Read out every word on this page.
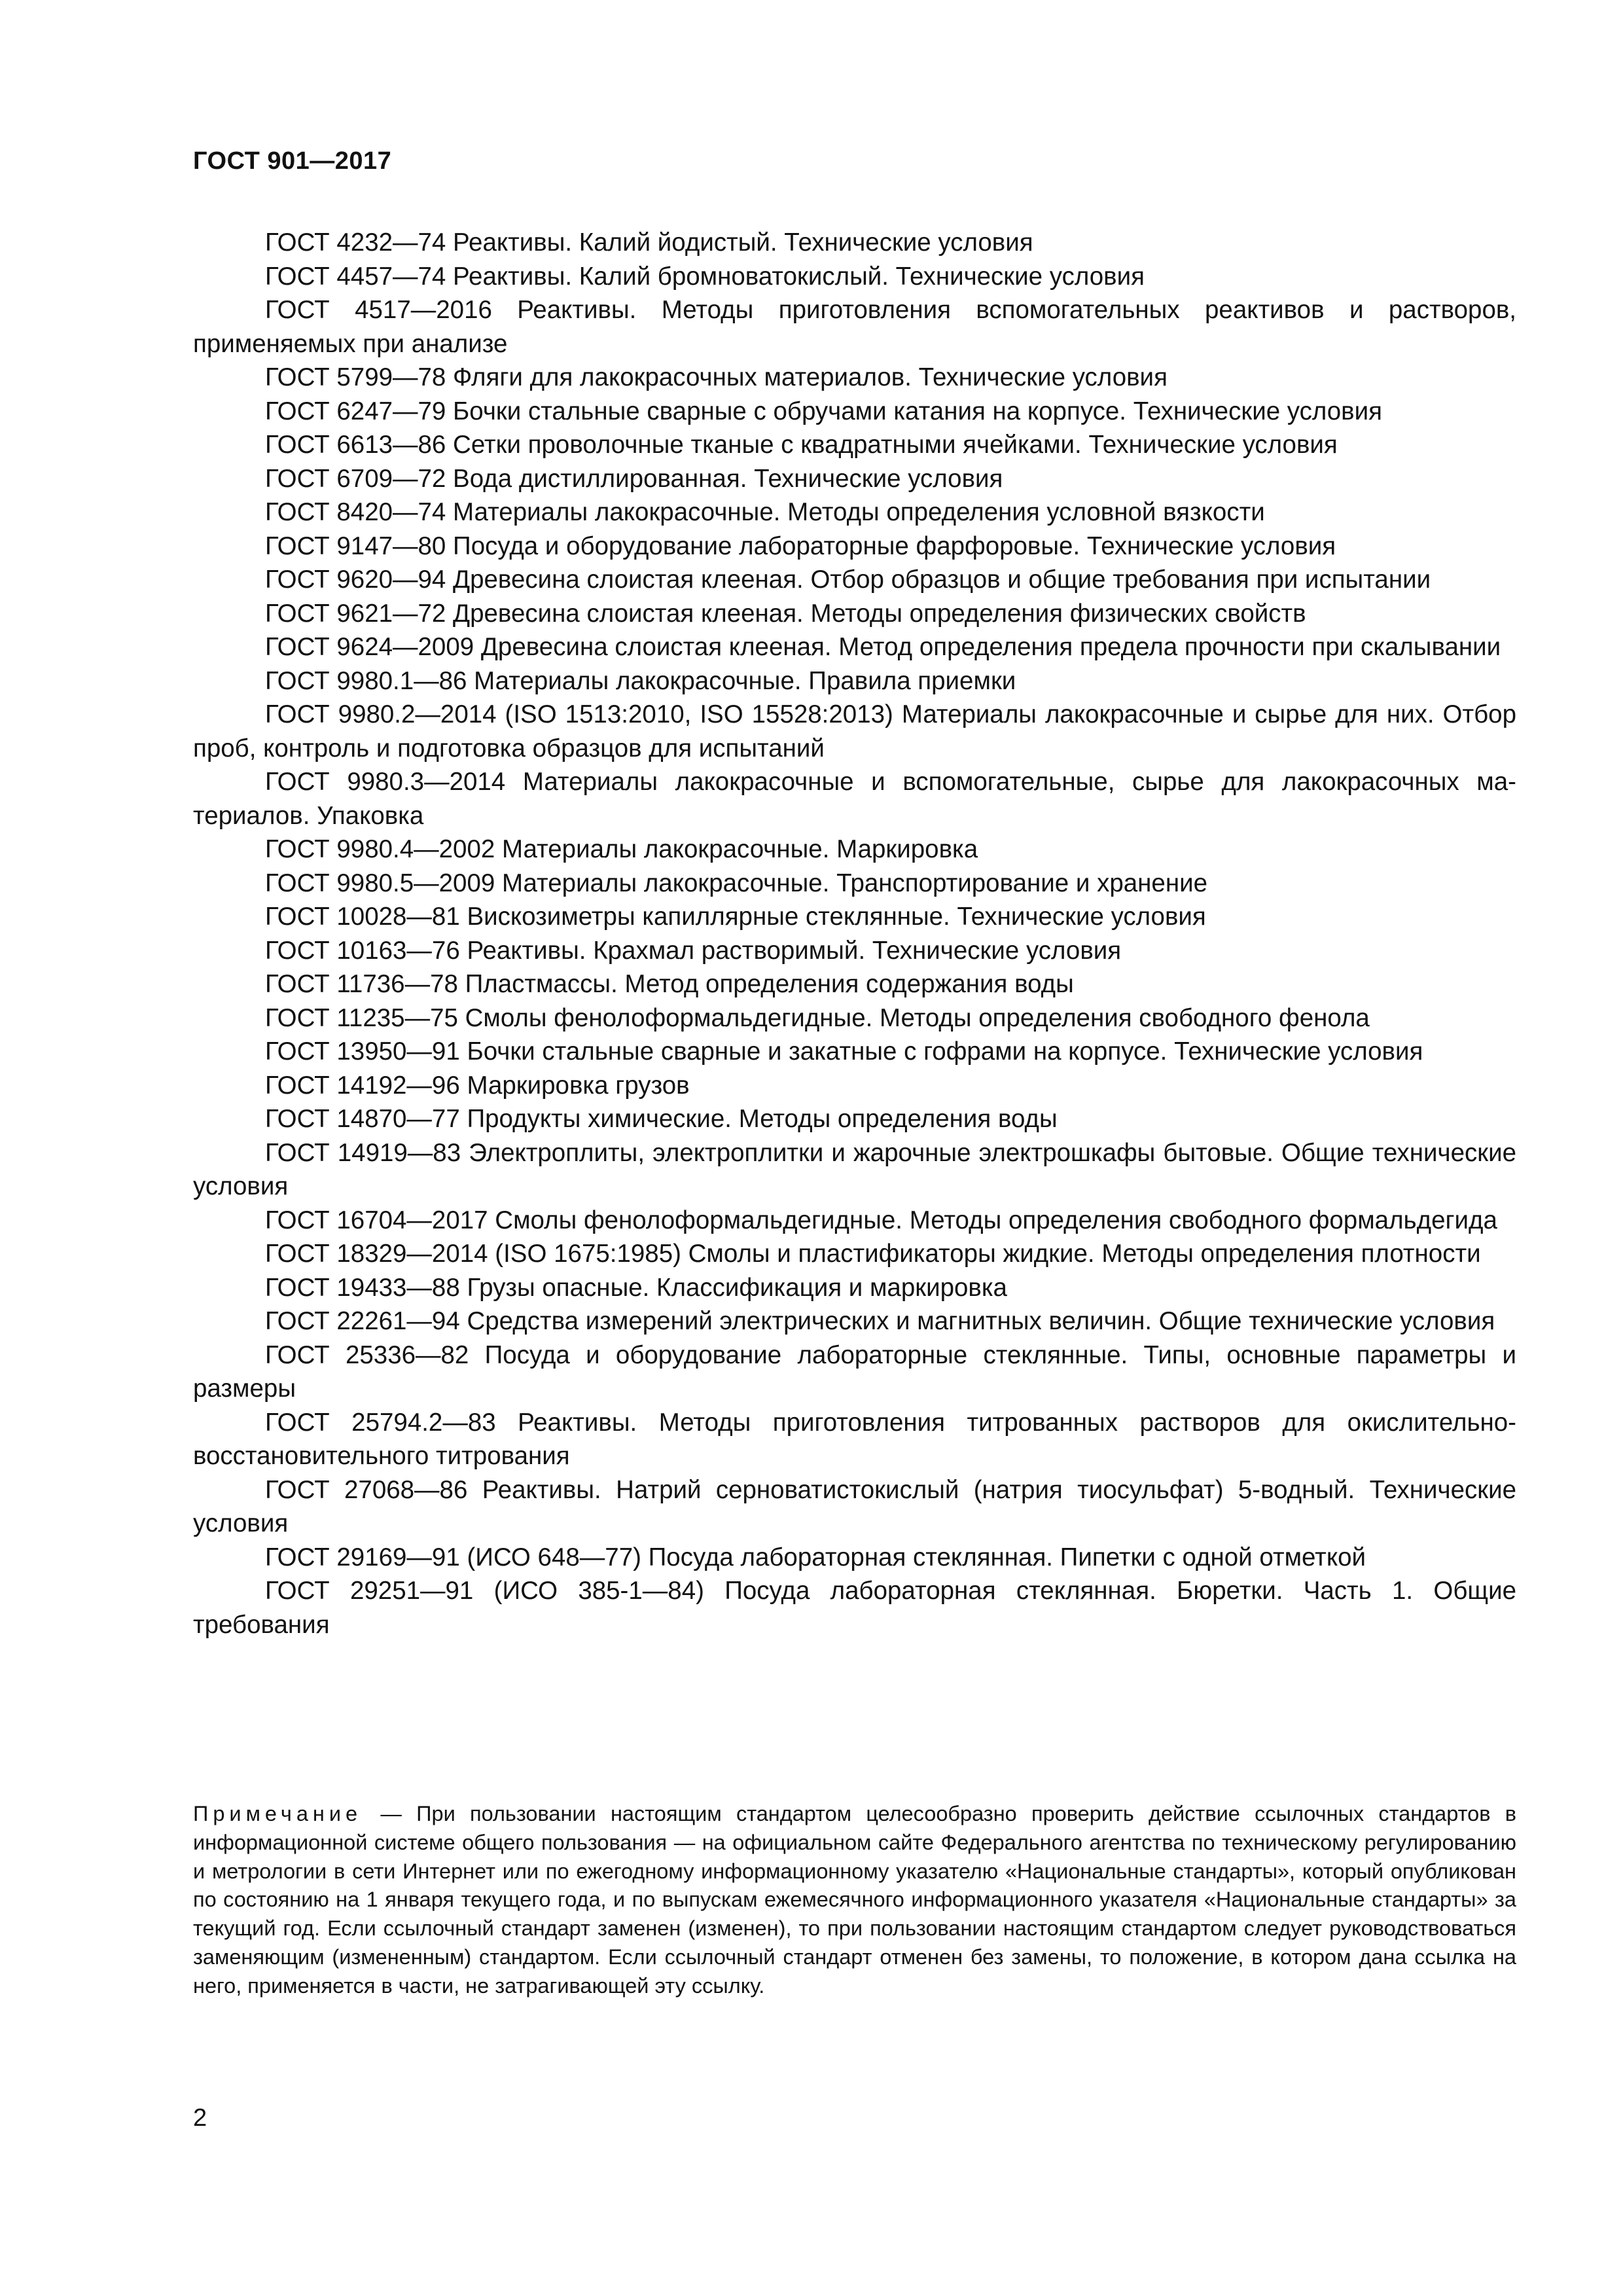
ГОСТ 901—2017

ГОСТ 4232—74 Реактивы. Калий йодистый. Технические условия

ГОСТ 4457—74 Реактивы. Калий бромноватокислый. Технические условия

ГОСТ 4517—2016 Реактивы. Методы приготовления вспомогательных реактивов и растворов, применяемых при анализе

ГОСТ 5799—78 Фляги для лакокрасочных материалов. Технические условия

ГОСТ 6247—79 Бочки стальные сварные с обручами катания на корпусе. Технические условия

ГОСТ 6613—86 Сетки проволочные тканые с квадратными ячейками. Технические условия

ГОСТ 6709—72 Вода дистиллированная. Технические условия

ГОСТ 8420—74 Материалы лакокрасочные. Методы определения условной вязкости

ГОСТ 9147—80 Посуда и оборудование лабораторные фарфоровые. Технические условия

ГОСТ 9620—94 Древесина слоистая клееная. Отбор образцов и общие требования при испытании

ГОСТ 9621—72 Древесина слоистая клееная. Методы определения физических свойств

ГОСТ 9624—2009 Древесина слоистая клееная. Метод определения предела прочности при скалывании

ГОСТ 9980.1—86 Материалы лакокрасочные. Правила приемки

ГОСТ 9980.2—2014 (ISO 1513:2010, ISO 15528:2013) Материалы лакокрасочные и сырье для них. Отбор проб, контроль и подготовка образцов для испытаний

ГОСТ 9980.3—2014 Материалы лакокрасочные и вспомогательные, сырье для лакокрасочных материалов. Упаковка

ГОСТ 9980.4—2002 Материалы лакокрасочные. Маркировка

ГОСТ 9980.5—2009 Материалы лакокрасочные. Транспортирование и хранение

ГОСТ 10028—81 Вискозиметры капиллярные стеклянные. Технические условия

ГОСТ 10163—76 Реактивы. Крахмал растворимый. Технические условия

ГОСТ 11736—78 Пластмассы. Метод определения содержания воды

ГОСТ 11235—75 Смолы фенолоформальдегидные. Методы определения свободного фенола

ГОСТ 13950—91 Бочки стальные сварные и закатные с гофрами на корпусе. Технические условия

ГОСТ 14192—96 Маркировка грузов

ГОСТ 14870—77 Продукты химические. Методы определения воды

ГОСТ 14919—83 Электроплиты, электроплитки и жарочные электрошкафы бытовые. Общие технические условия

ГОСТ 16704—2017 Смолы фенолоформальдегидные. Методы определения свободного формальдегида

ГОСТ 18329—2014 (ISO 1675:1985) Смолы и пластификаторы жидкие. Методы определения плотности

ГОСТ 19433—88 Грузы опасные. Классификация и маркировка

ГОСТ 22261—94 Средства измерений электрических и магнитных величин. Общие технические условия

ГОСТ 25336—82 Посуда и оборудование лабораторные стеклянные. Типы, основные параметры и размеры

ГОСТ 25794.2—83 Реактивы. Методы приготовления титрованных растворов для окислительно-восстановительного титрования

ГОСТ 27068—86 Реактивы. Натрий серноватистокислый (натрия тиосульфат) 5-водный. Технические условия

ГОСТ 29169—91 (ИСО 648—77) Посуда лабораторная стеклянная. Пипетки с одной отметкой

ГОСТ 29251—91 (ИСО 385-1—84) Посуда лабораторная стеклянная. Бюретки. Часть 1. Общие требования

Примечание — При пользовании настоящим стандартом целесообразно проверить действие ссылочных стандартов в информационной системе общего пользования — на официальном сайте Федерального агентства по техническому регулированию и метрологии в сети Интернет или по ежегодному информационному указателю «Национальные стандарты», который опубликован по состоянию на 1 января текущего года, и по выпускам ежемесячного информационного указателя «Национальные стандарты» за текущий год. Если ссылочный стандарт заменен (изменен), то при пользовании настоящим стандартом следует руководствоваться заменяющим (измененным) стандартом. Если ссылочный стандарт отменен без замены, то положение, в котором дана ссылка на него, применяется в части, не затрагивающей эту ссылку.
2
